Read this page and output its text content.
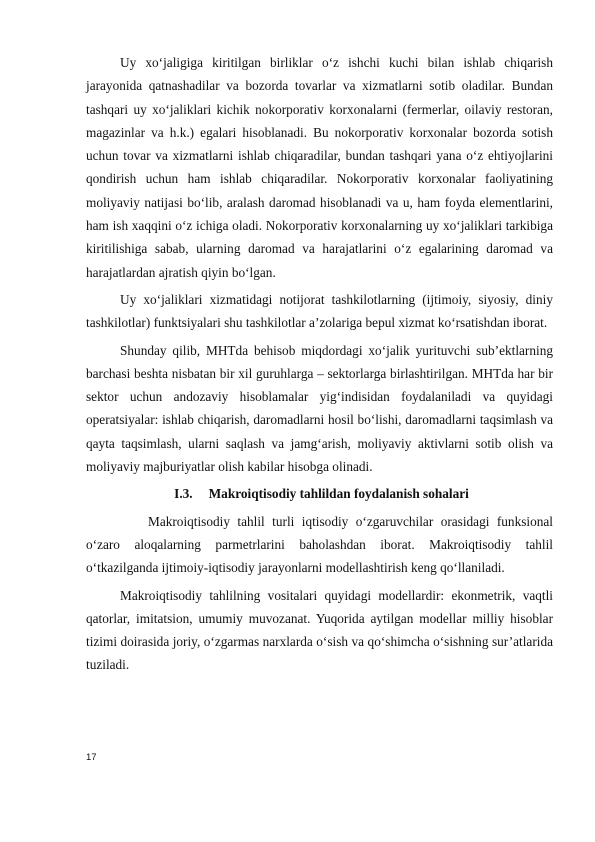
Uy xo‘jaligiga kiritilgan birliklar o‘z ishchi kuchi bilan ishlab chiqarish jarayonida qatnashadilar va bozorda tovarlar va xizmatlarni sotib oladilar. Bundan tashqari uy xo‘jaliklari kichik nokorporativ korxonalarni (fermerlar, oilaviy restoran, magazinlar va h.k.) egalari hisoblanadi. Bu nokorporativ korxonalar bozorda sotish uchun tovar va xizmatlarni ishlab chiqaradilar, bundan tashqari yana o‘z ehtiyojlarini qondirish uchun ham ishlab chiqaradilar. Nokorporativ korxonalar faoliyatining moliyaviy natijasi bo‘lib, aralash daromad hisoblanadi va u, ham foyda elementlarini, ham ish xaqqini o‘z ichiga oladi. Nokorporativ korxonalarning uy xo‘jaliklari tarkibiga kiritilishiga sabab, ularning daromad va harajatlarini o‘z egalarining daromad va harajatlardan ajratish qiyin bo‘lgan.

Uy xo‘jaliklari xizmatidagi notijorat tashkilotlarning (ijtimoiy, siyosiy, diniy tashkilotlar) funktsiyalari shu tashkilotlar a’zolariga bepul xizmat ko‘rsatishdan iborat.

Shunday qilib, MHTda behisob miqdordagi xo‘jalik yurituvchi sub’ektlarning barchasi beshta nisbatan bir xil guruhlarga – sektorlarga birlashtirilgan. MHTda har bir sektor uchun andozaviy hisoblamalar yig‘indisidan foydalaniladi va quyidagi operatsiyalar: ishlab chiqarish, daromadlarni hosil bo‘lishi, daromadlarni taqsimlash va qayta taqsimlash, ularni saqlash va jamg‘arish, moliyaviy aktivlarni sotib olish va moliyaviy majburiyatlar olish kabilar hisobga olinadi.

I.3. Makroiqtisodiy tahlildan foydalanish sohalari

Makroiqtisodiy tahlil turli iqtisodiy o‘zgaruvchilar orasidagi funksional o‘zaro aloqalarning parmetrlarini baholashdan iborat. Makroiqtisodiy tahlil o‘tkazilganda ijtimoiy-iqtisodiy jarayonlarni modellashtirish keng qo‘llaniladi.

Makroiqtisodiy tahlilning vositalari quyidagi modellardir: ekonmetrik, vaqtli qatorlar, imitatsion, umumiy muvozanat. Yuqorida aytilgan modellar milliy hisoblar tizimi doirasida joriy, o‘zgarmas narxlarda o‘sish va qo‘shimcha o‘sishning sur’atlarida tuziladi.

17
